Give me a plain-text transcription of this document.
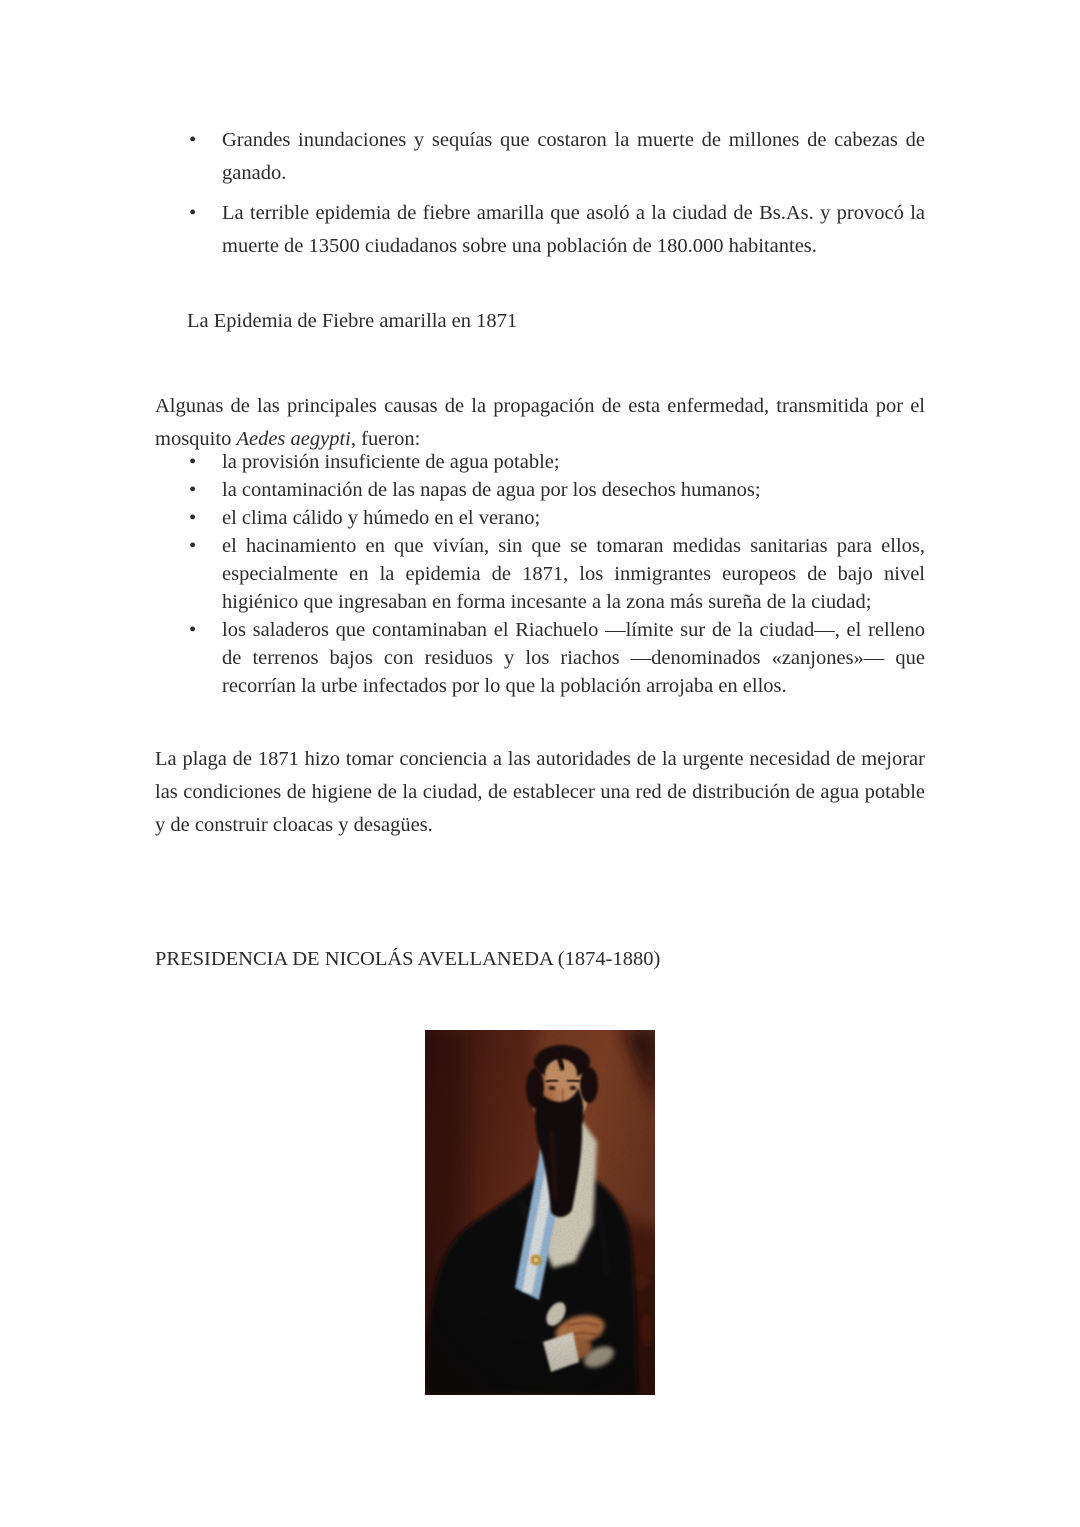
• Grandes inundaciones y sequías que costaron la muerte de millones de cabezas de ganado.
• La terrible epidemia de fiebre amarilla que asoló a la ciudad de Bs.As. y provocó la muerte de 13500 ciudadanos sobre una población de 180.000 habitantes.
La Epidemia de Fiebre amarilla en 1871

Algunas de las principales causas de la propagación de esta enfermedad, transmitida por el mosquito Aedes aegypti, fueron:

• la provisión insuficiente de agua potable;
• la contaminación de las napas de agua por los desechos humanos;
• el clima cálido y húmedo en el verano;
• el hacinamiento en que vivían, sin que se tomaran medidas sanitarias para ellos, especialmente en la epidemia de 1871, los inmigrantes europeos de bajo nivel higiénico que ingresaban en forma incesante a la zona más sureña de la ciudad;
• los saladeros que contaminaban el Riachuelo —límite sur de la ciudad—, el relleno de terrenos bajos con residuos y los riachos —denominados «zanjones»— que recorrían la urbe infectados por lo que la población arrojaba en ellos.

La plaga de 1871 hizo tomar conciencia a las autoridades de la urgente necesidad de mejorar las condiciones de higiene de la ciudad, de establecer una red de distribución de agua potable y de construir cloacas y desagües.

PRESIDENCIA DE NICOLÁS AVELLANEDA (1874-1880)
